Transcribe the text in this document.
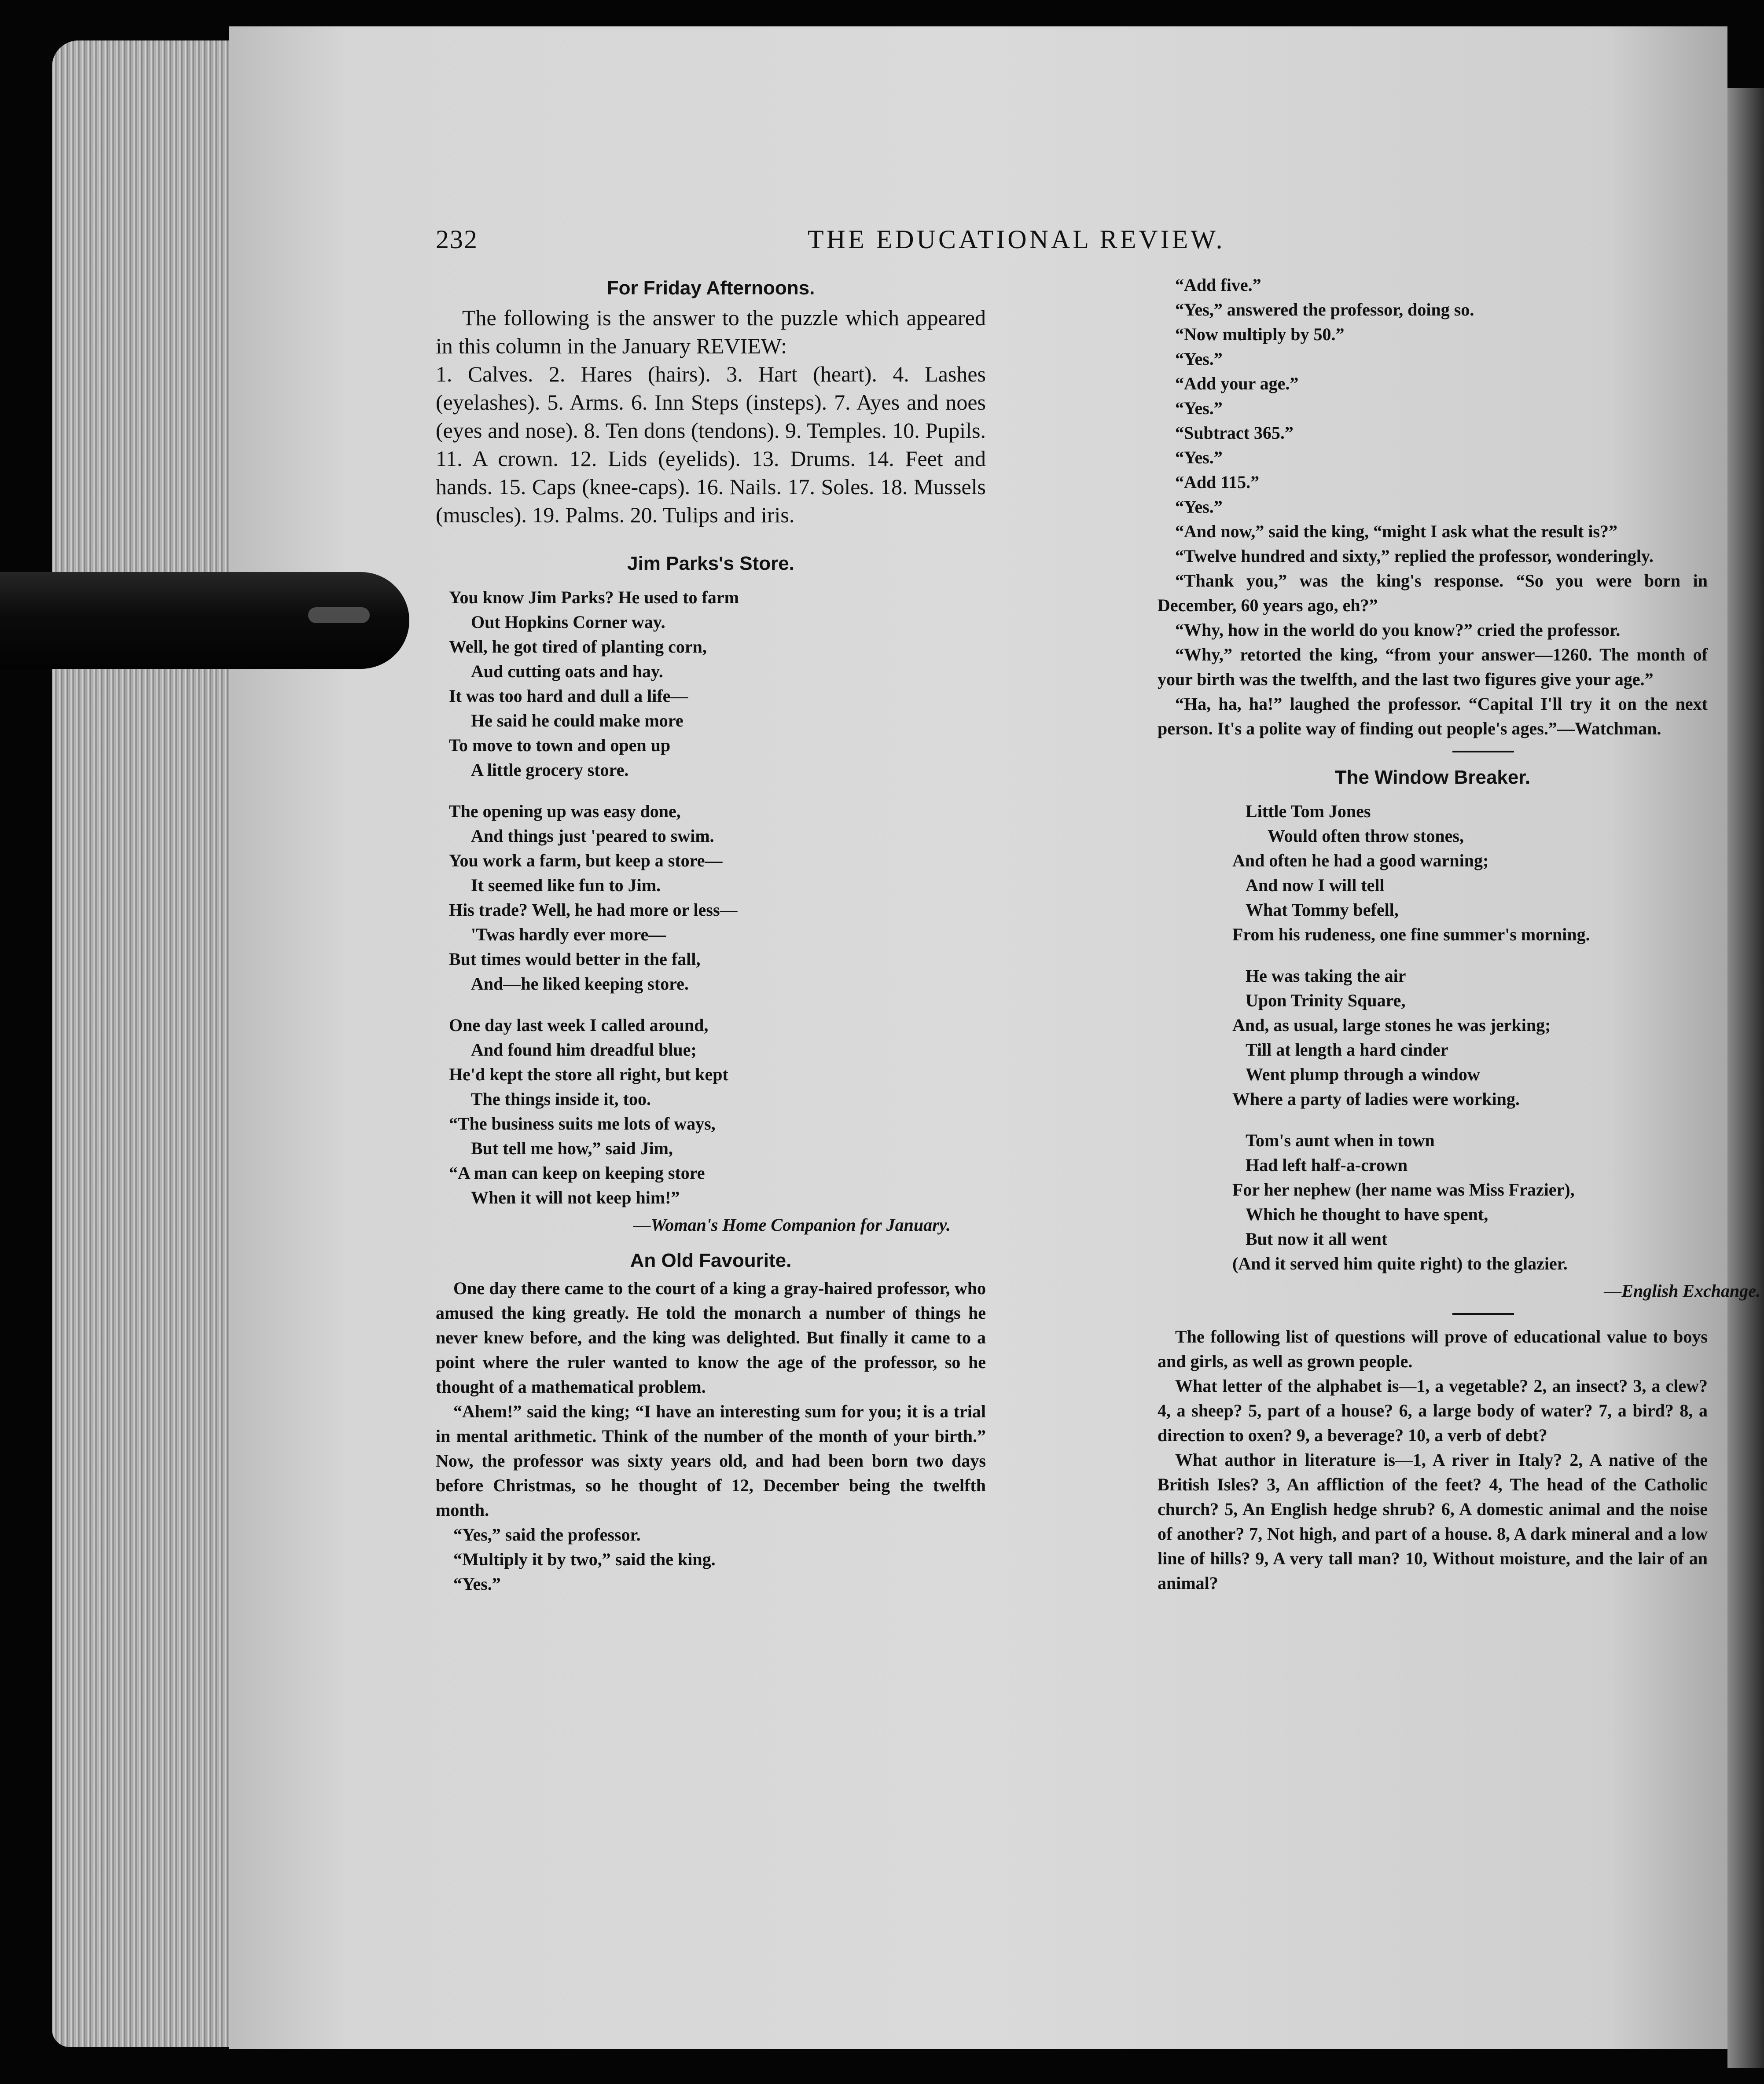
232	THE EDUCATIONAL REVIEW.
For Friday Afternoons.

The following is the answer to the puzzle which appeared in this column in the January REVIEW:

1. Calves. 2. Hares (hairs). 3. Hart (heart). 4. Lashes (eyelashes). 5. Arms. 6. Inn Steps (insteps). 7. Ayes and noes (eyes and nose). 8. Ten dons (tendons). 9. Temples. 10. Pupils. 11. A crown. 12. Lids (eyelids). 13. Drums. 14. Feet and hands. 15. Caps (knee-caps). 16. Nails. 17. Soles. 18. Mussels (muscles). 19. Palms. 20. Tulips and iris.

Jim Parks's Store.
You know Jim Parks? He used to farm
Out Hopkins Corner way.
Well, he got tired of planting corn,
Aud cutting oats and hay.
It was too hard and dull a life—
He said he could make more
To move to town and open up
A little grocery store.
The opening up was easy done,
And things just 'peared to swim.
You work a farm, but keep a store—
It seemed like fun to Jim.
His trade? Well, he had more or less—
'Twas hardly ever more—
But times would better in the fall,
And—he liked keeping store.
One day last week I called around,
And found him dreadful blue;
He'd kept the store all right, but kept
The things inside it, too.
“The business suits me lots of ways,
But tell me how,” said Jim,
“A man can keep on keeping store
When it will not keep him!”

—Woman's Home Companion for January.

An Old Favourite.

One day there came to the court of a king a gray-haired professor, who amused the king greatly. He told the monarch a number of things he never knew before, and the king was delighted. But finally it came to a point where the ruler wanted to know the age of the professor, so he thought of a mathematical problem.

“Ahem!” said the king; “I have an interesting sum for you; it is a trial in mental arithmetic. Think of the number of the month of your birth.” Now, the professor was sixty years old, and had been born two days before Christmas, so he thought of 12, December being the twelfth month.

“Yes,” said the professor.

“Multiply it by two,” said the king.

“Yes.”

“Add five.”

“Yes,” answered the professor, doing so.

“Now multiply by 50.”

“Yes.”

“Add your age.”

“Yes.”

“Subtract 365.”

“Yes.”

“Add 115.”

“Yes.”

“And now,” said the king, “might I ask what the result is?”

“Twelve hundred and sixty,” replied the professor, wonderingly.

“Thank you,” was the king's response. “So you were born in December, 60 years ago, eh?”

“Why, how in the world do you know?” cried the professor.

“Why,” retorted the king, “from your answer—1260. The month of your birth was the twelfth, and the last two figures give your age.”

“Ha, ha, ha!” laughed the professor. “Capital I'll try it on the next person. It's a polite way of finding out people's ages.”—Watchman.

The Window Breaker.
Little Tom Jones
Would often throw stones,
And often he had a good warning;
And now I will tell
What Tommy befell,
From his rudeness, one fine summer's morning.
He was taking the air
Upon Trinity Square,
And, as usual, large stones he was jerking;
Till at length a hard cinder
Went plump through a window
Where a party of ladies were working.
Tom's aunt when in town
Had left half-a-crown
For her nephew (her name was Miss Frazier),
Which he thought to have spent,
But now it all went
(And it served him quite right) to the glazier.

—English Exchange.

The following list of questions will prove of educational value to boys and girls, as well as grown people.

What letter of the alphabet is—1, a vegetable? 2, an insect? 3, a clew? 4, a sheep? 5, part of a house? 6, a large body of water? 7, a bird? 8, a direction to oxen? 9, a beverage? 10, a verb of debt?

What author in literature is—1, A river in Italy? 2, A native of the British Isles? 3, An affliction of the feet? 4, The head of the Catholic church? 5, An English hedge shrub? 6, A domestic animal and the noise of another? 7, Not high, and part of a house. 8, A dark mineral and a low line of hills? 9, A very tall man? 10, Without moisture, and the lair of an animal?
